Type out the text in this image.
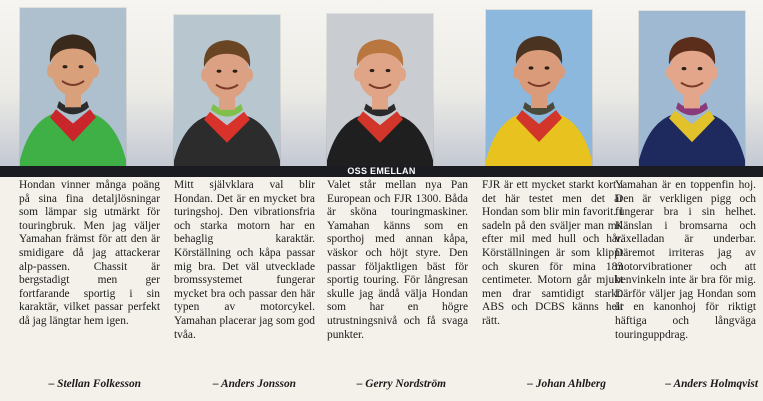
OSS EMELLAN
Hondan vinner många poäng på sina fina detaljlösningar som lämpar sig utmärkt för touringbruk. Men jag väljer Yamahan främst för att den är smidigare då jag attackerar alp-passen. Chassit är bergstadigt men ger fortfarande sportig i sin karaktär, vilket passar perfekt då jag längtar hem igen.
Mitt självklara val blir Hondan. Det är en mycket bra turingshoj. Den vibrationsfria och starka motorn har en behaglig karaktär. Körställning och kåpa passar mig bra. Det väl utvecklade bromssystemet fungerar mycket bra och passar den här typen av motorcykel. Yamahan placerar jag som god tvåa.
Valet står mellan nya Pan European och FJR 1300. Båda är sköna touringmaskiner. Yamahan känns som en sporthoj med annan kåpa, väskor och höjt styre. Den passar följaktligen bäst för sportig touring. För långresan skulle jag ändå välja Hondan som har en högre utrustningsnivå och få svaga punkter.
FJR är ett mycket starkt kort i det här testet men det är Hondan som blir min favorit. I sadeln på den sväljer man mil efter mil med hull och hår. Körställningen är som klippt och skuren för mina 183 centimeter. Motorn går mjukt men drar samtidigt starkt. ABS och DCBS känns helt rätt.
Yamahan är en toppenfin hoj. Den är verkligen pigg och fungerar bra i sin helhet. Känslan i bromsarna och växelladan är underbar. Däremot irriteras jag av motorvibrationer och att benvinkeln inte är bra för mig. Därför väljer jag Hondan som är en kanonhoj för riktigt häftiga och långväga touringuppdrag.
– Stellan Folkesson	– Anders Jonsson	– Gerry Nordström	– Johan Ahlberg	– Anders Holmqvist
